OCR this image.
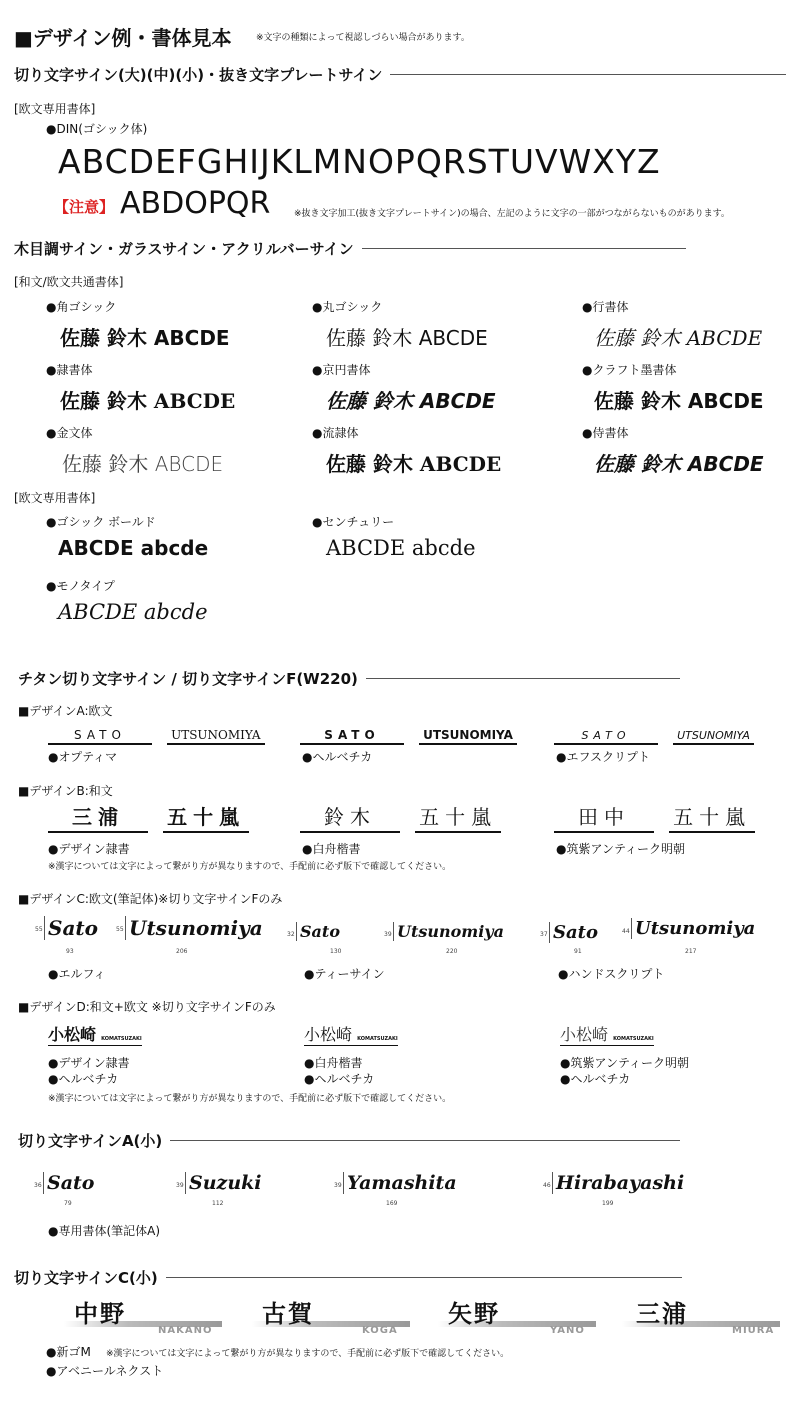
■デザイン例・書体見本	※文字の種類によって視認しづらい場合があります。
切り文字サイン(大)(中)(小)・抜き文字プレートサイン
[欧文専用書体]
●DIN(ゴシック体)
ABCDEFGHIJKLMNOPQRSTUVWXYZ
【注意】 ABDOPQR	※抜き文字加工(抜き文字プレートサイン)の場合、左記のように文字の一部がつながらないものがあります。
木目調サイン・ガラスサイン・アクリルバーサイン
[和文/欧文共通書体]
●角ゴシック
佐藤 鈴木 ABCDE
●丸ゴシック
佐藤 鈴木 ABCDE
●行書体
佐藤 鈴木 ABCDE
●隷書体
佐藤 鈴木 ABCDE
●京円書体
佐藤 鈴木 ABCDE
●クラフト墨書体
佐藤 鈴木 ABCDE
●金文体
佐藤 鈴木 ABCDE
●流隷体
佐藤 鈴木 ABCDE
●侍書体
佐藤 鈴木 ABCDE
[欧文専用書体]
●ゴシック ボールド
ABCDE abcde
●センチュリー
ABCDE abcde
●モノタイプ
ABCDE abcde
チタン切り文字サイン / 切り文字サインF(W220)
■デザインA:欧文
SATO	UTSUNOMIYA
●オプティマ
SATO	UTSUNOMIYA
●ヘルベチカ
SATO	UTSUNOMIYA
●エフスクリプト
■デザインB:和文
三浦 五十嵐
●デザイン隷書
鈴木 五十嵐
●白舟楷書
田中 五十嵐
●筑紫アンティーク明朝
※漢字については文字によって繋がり方が異なりますので、手配前に必ず版下で確認してください。
■デザインC:欧文(筆記体)※切り文字サインFのみ
55 Sato
93
55 Utsunomiya
206
●エルフィ
32 Sato
130
39 Utsunomiya
220
●ティーサイン
37 Sato
91
44 Utsunomiya
217
●ハンドスクリプト
■デザインD:和文+欧文 ※切り文字サインFのみ
小松崎 KOMATSUZAKI
●デザイン隷書
●ヘルベチカ
小松崎 KOMATSUZAKI
●白舟楷書
●ヘルベチカ
小松崎 KOMATSUZAKI
●筑紫アンティーク明朝
●ヘルベチカ
※漢字については文字によって繋がり方が異なりますので、手配前に必ず版下で確認してください。
切り文字サインA(小)
36 Sato
79
39 Suzuki
112
39 Yamashita
169
46 Hirabayashi
199
●専用書体(筆記体A)
切り文字サインC(小)
中野
NAKANO
古賀
KOGA
矢野
YANO
三浦
MIURA
●新ゴM ※漢字については文字によって繋がり方が異なりますので、手配前に必ず版下で確認してください。
●アベニールネクスト
